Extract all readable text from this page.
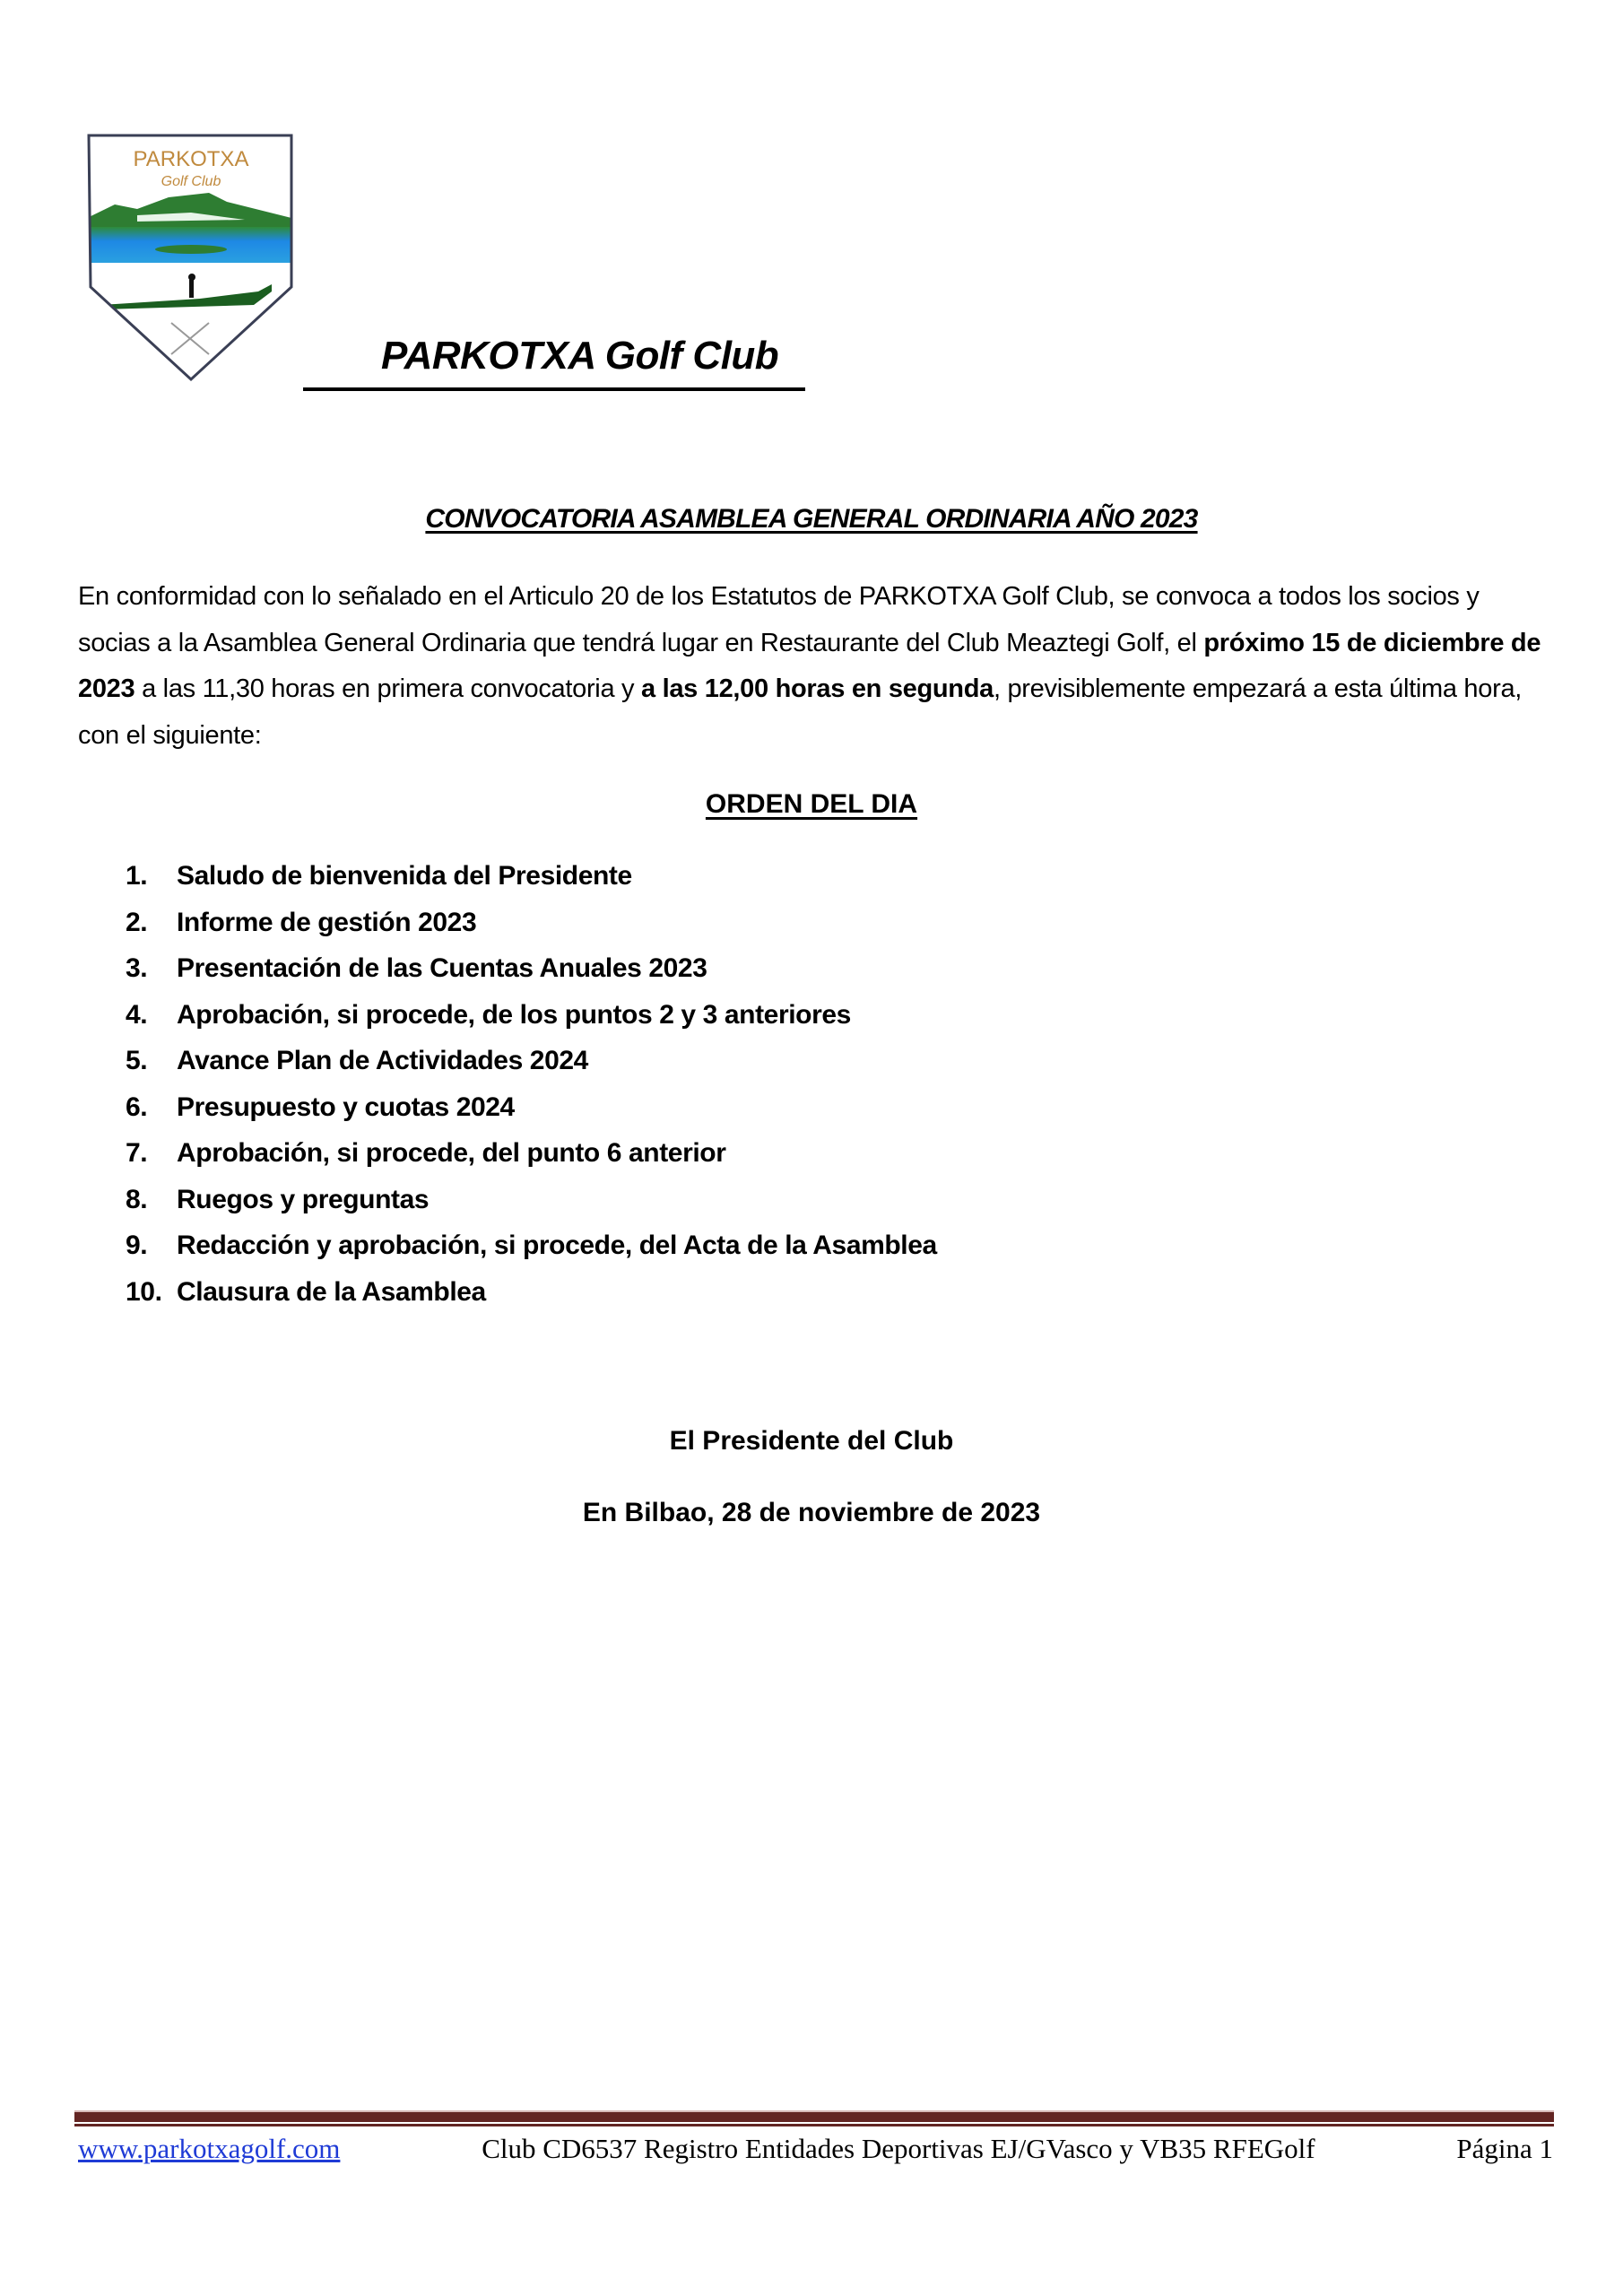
PARKOTXA
Golf Club
PARKOTXA Golf Club
CONVOCATORIA ASAMBLEA GENERAL ORDINARIA AÑO 2023

En conformidad con lo señalado en el Articulo 20 de los Estatutos de PARKOTXA Golf Club, se convoca a todos los socios y socias a la Asamblea General Ordinaria que tendrá lugar en Restaurante del Club Meaztegi Golf, el próximo 15 de diciembre de 2023 a las 11,30 horas en primera convocatoria y a las 12,00 horas en segunda, previsiblemente empezará a esta última hora, con el siguiente:

ORDEN DEL DIA
1.	Saludo de bienvenida del Presidente
2.	Informe de gestión 2023
3.	Presentación de las Cuentas Anuales 2023
4.	Aprobación, si procede, de los puntos 2 y 3 anteriores
5.	Avance Plan de Actividades 2024
6.	Presupuesto y cuotas 2024
7.	Aprobación, si procede, del punto 6 anterior
8.	Ruegos y preguntas
9.	Redacción y aprobación, si procede, del Acta de la Asamblea
10. Clausura de la Asamblea
El Presidente del Club
En Bilbao, 28 de noviembre de 2023
www.parkotxagolf.com	Club CD6537 Registro Entidades Deportivas EJ/GVasco y VB35 RFEGolf	Página 1
